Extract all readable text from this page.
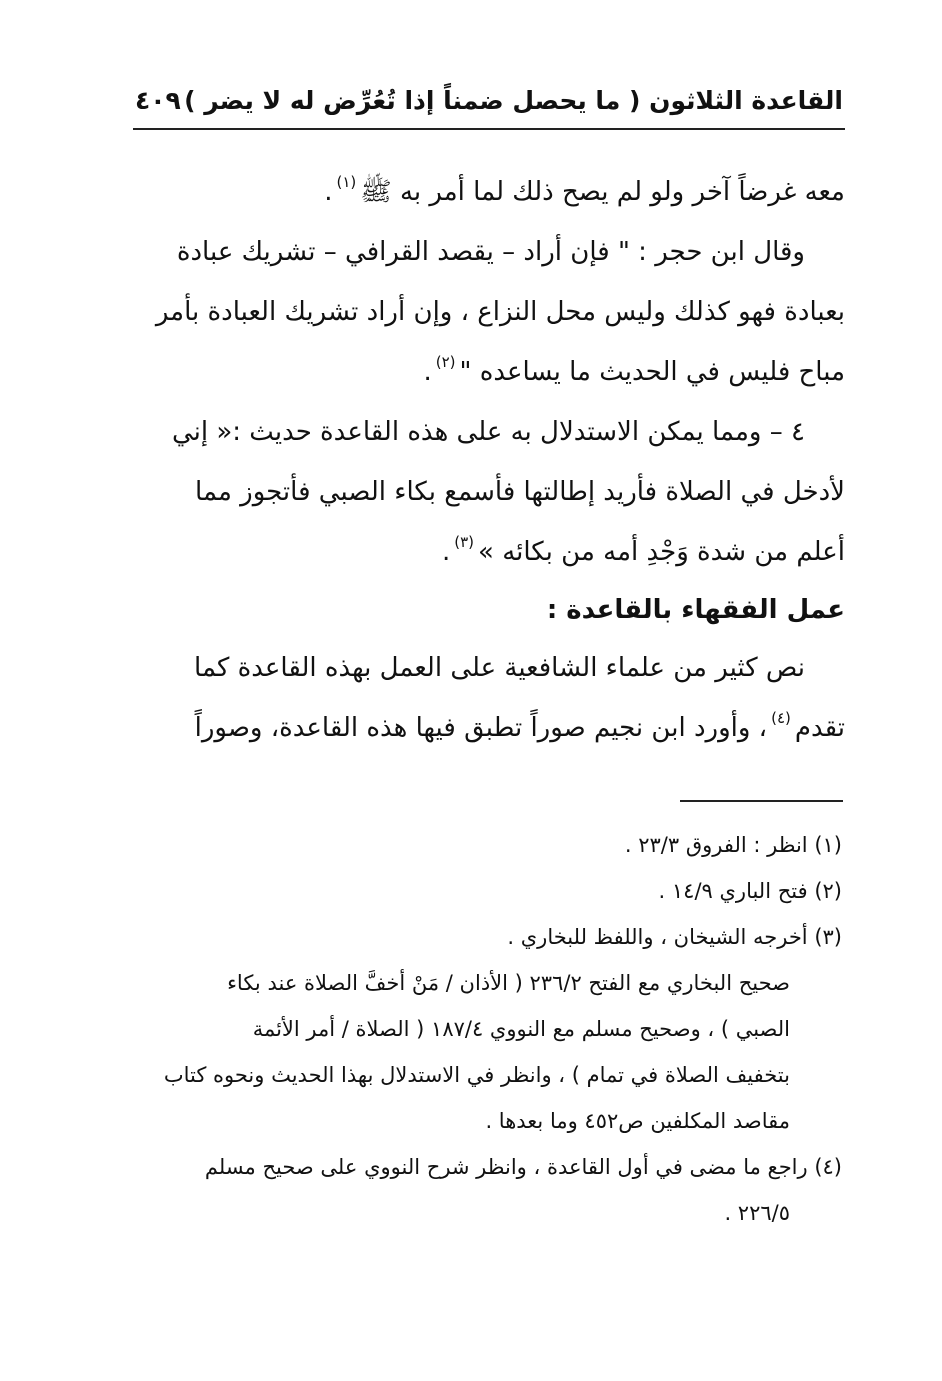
القاعدة الثلاثون ( ما يحصل ضمناً إذا تُعُرِّض له لا يضر )
٤٠٩
معه غرضاً آخر ولو لم يصح ذلك لما أمر به ﷺ
(١)
.
وقال ابن حجر : " فإن أراد – يقصد القرافي – تشريك عبادة
بعبادة فهو كذلك وليس محل النزاع ، وإن أراد تشريك العبادة بأمر
مباح فليس في الحديث ما يساعده "
(٢)
.
٤ – ومما يمكن الاستدلال به على هذه القاعدة حديث :« إني
لأدخل في الصلاة فأريد إطالتها فأسمع بكاء الصبي فأتجوز مما
أعلم من شدة وَجْدِ أمه من بكائه »
(٣)
.
عمل الفقهاء بالقاعدة :
نص كثير من علماء الشافعية على العمل بهذه القاعدة كما
تقدم
(٤)
، وأورد ابن نجيم صوراً تطبق فيها هذه القاعدة، وصوراً
(١) انظر : الفروق ٢٣/٣ .
(٢) فتح الباري ١٤/٩ .
(٣) أخرجه الشيخان ، واللفظ للبخاري .
صحيح البخاري مع الفتح ٢٣٦/٢ ( الأذان / مَنْ أخفَّ الصلاة عند بكاء
الصبي ) ، وصحيح مسلم مع النووي ١٨٧/٤ ( الصلاة / أمر الأئمة
بتخفيف الصلاة في تمام ) ، وانظر في الاستدلال بهذا الحديث ونحوه كتاب
مقاصد المكلفين ص٤٥٢ وما بعدها .
(٤) راجع ما مضى في أول القاعدة ، وانظر شرح النووي على صحيح مسلم
٢٢٦/٥ .
